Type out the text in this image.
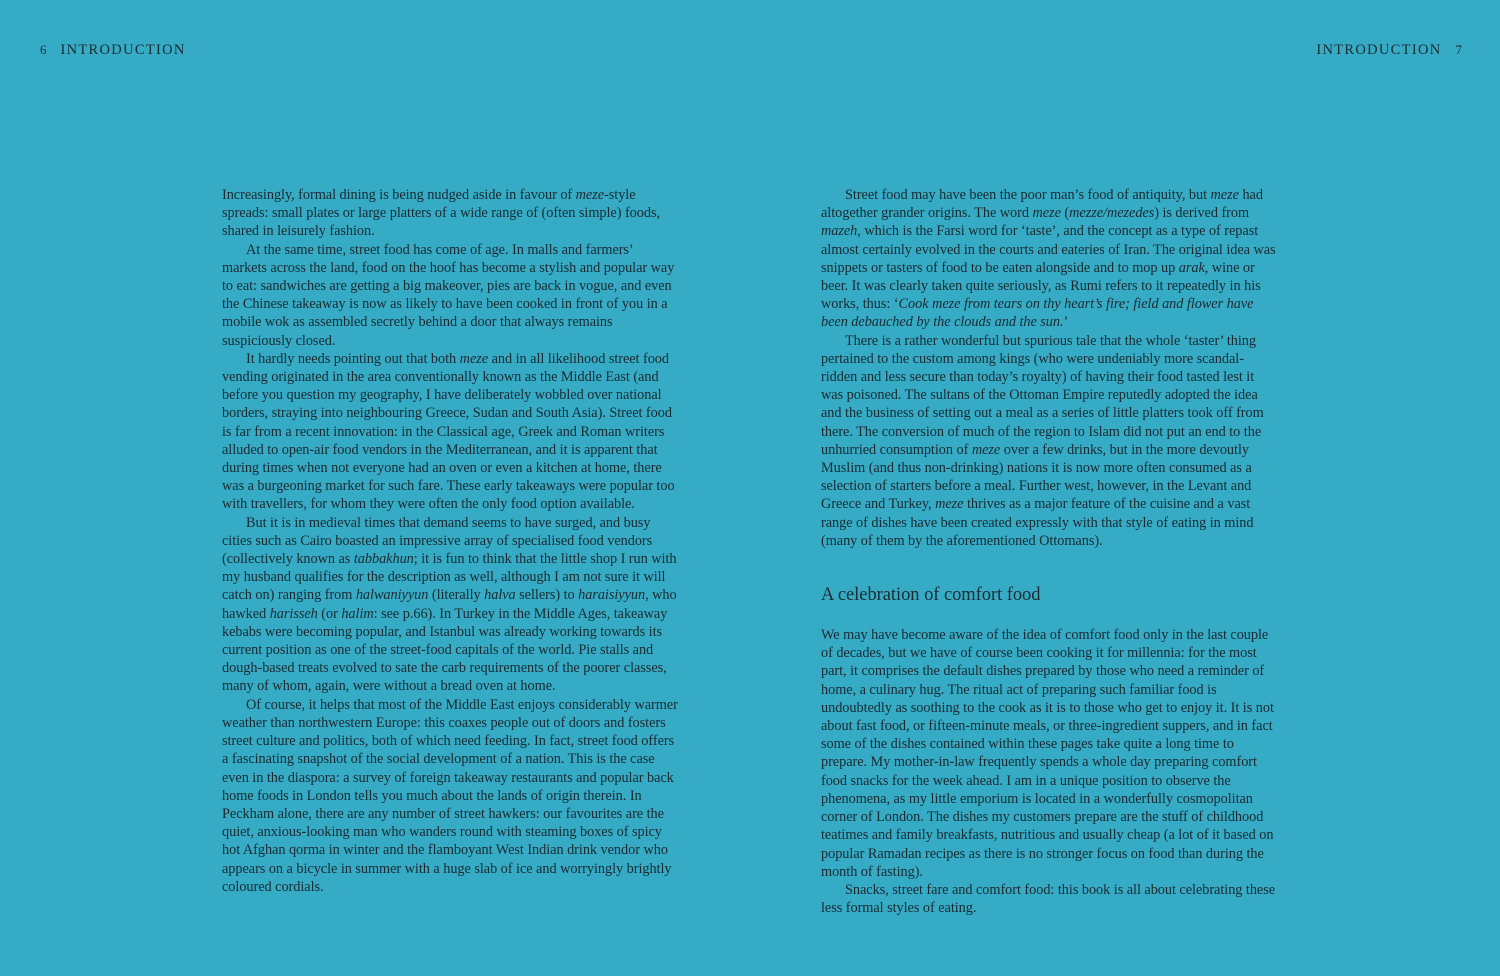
6 INTRODUCTION	INTRODUCTION 7

Increasingly, formal dining is being nudged aside in favour of meze-style spreads: small plates or large platters of a wide range of (often simple) foods, shared in leisurely fashion.

At the same time, street food has come of age. In malls and farmers’ markets across the land, food on the hoof has become a stylish and popular way to eat: sandwiches are getting a big makeover, pies are back in vogue, and even the Chinese takeaway is now as likely to have been cooked in front of you in a mobile wok as assembled secretly behind a door that always remains suspiciously closed.

It hardly needs pointing out that both meze and in all likelihood street food vending originated in the area conventionally known as the Middle East (and before you question my geography, I have deliberately wobbled over national borders, straying into neighbouring Greece, Sudan and South Asia). Street food is far from a recent innovation: in the Classical age, Greek and Roman writers alluded to open-air food vendors in the Mediterranean, and it is apparent that during times when not everyone had an oven or even a kitchen at home, there was a burgeoning market for such fare. These early takeaways were popular too with travellers, for whom they were often the only food option available.

But it is in medieval times that demand seems to have surged, and busy cities such as Cairo boasted an impressive array of specialised food vendors (collectively known as tabbakhun; it is fun to think that the little shop I run with my husband qualifies for the description as well, although I am not sure it will catch on) ranging from halwaniyyun (literally halva sellers) to haraisiyyun, who hawked harisseh (or halim: see p.66). In Turkey in the Middle Ages, takeaway kebabs were becoming popular, and Istanbul was already working towards its current position as one of the street-food capitals of the world. Pie stalls and dough-based treats evolved to sate the carb requirements of the poorer classes, many of whom, again, were without a bread oven at home.

Of course, it helps that most of the Middle East enjoys considerably warmer weather than northwestern Europe: this coaxes people out of doors and fosters street culture and politics, both of which need feeding. In fact, street food offers a fascinating snapshot of the social development of a nation. This is the case even in the diaspora: a survey of foreign takeaway restaurants and popular back home foods in London tells you much about the lands of origin therein. In Peckham alone, there are any number of street hawkers: our favourites are the quiet, anxious-looking man who wanders round with steaming boxes of spicy hot Afghan qorma in winter and the flamboyant West Indian drink vendor who appears on a bicycle in summer with a huge slab of ice and worryingly brightly coloured cordials.

Street food may have been the poor man’s food of antiquity, but meze had altogether grander origins. The word meze (mezze/mezedes) is derived from mazeh, which is the Farsi word for ‘taste’, and the concept as a type of repast almost certainly evolved in the courts and eateries of Iran. The original idea was snippets or tasters of food to be eaten alongside and to mop up arak, wine or beer. It was clearly taken quite seriously, as Rumi refers to it repeatedly in his works, thus: ‘Cook meze from tears on thy heart’s fire; field and flower have been debauched by the clouds and the sun.’

There is a rather wonderful but spurious tale that the whole ‘taster’ thing pertained to the custom among kings (who were undeniably more scandal-ridden and less secure than today’s royalty) of having their food tasted lest it was poisoned. The sultans of the Ottoman Empire reputedly adopted the idea and the business of setting out a meal as a series of little platters took off from there. The conversion of much of the region to Islam did not put an end to the unhurried consumption of meze over a few drinks, but in the more devoutly Muslim (and thus non-drinking) nations it is now more often consumed as a selection of starters before a meal. Further west, however, in the Levant and Greece and Turkey, meze thrives as a major feature of the cuisine and a vast range of dishes have been created expressly with that style of eating in mind (many of them by the aforementioned Ottomans).

A celebration of comfort food

We may have become aware of the idea of comfort food only in the last couple of decades, but we have of course been cooking it for millennia: for the most part, it comprises the default dishes prepared by those who need a reminder of home, a culinary hug. The ritual act of preparing such familiar food is undoubtedly as soothing to the cook as it is to those who get to enjoy it. It is not about fast food, or fifteen-minute meals, or three-ingredient suppers, and in fact some of the dishes contained within these pages take quite a long time to prepare. My mother-in-law frequently spends a whole day preparing comfort food snacks for the week ahead. I am in a unique position to observe the phenomena, as my little emporium is located in a wonderfully cosmopolitan corner of London. The dishes my customers prepare are the stuff of childhood teatimes and family breakfasts, nutritious and usually cheap (a lot of it based on popular Ramadan recipes as there is no stronger focus on food than during the month of fasting).

Snacks, street fare and comfort food: this book is all about celebrating these less formal styles of eating.
